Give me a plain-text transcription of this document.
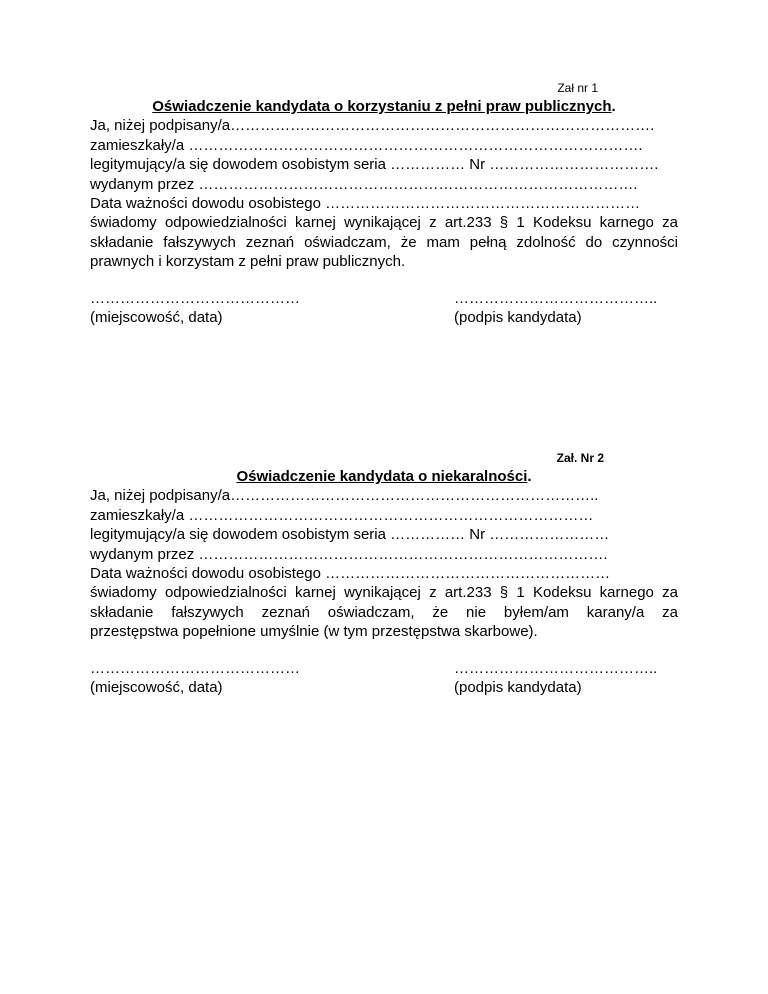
Zał nr 1
Oświadczenie kandydata o korzystaniu z pełni praw publicznych.
Ja, niżej podpisany/a………………………………………………………………………….
zamieszkały/a ……………………………………………………………………………….
legitymujący/a się dowodem osobistym seria …………… Nr …………………………….
wydanym przez …………………………………………………………………………….
Data ważności dowodu osobistego ………………………………………………………
świadomy odpowiedzialności karnej wynikającej z art.233 § 1 Kodeksu karnego za
składanie fałszywych zeznań oświadczam, że mam pełną zdolność do czynności
prawnych i korzystam z pełni praw publicznych.
……………………………………
(miejscowość, data)
…………………………………..
(podpis kandydata)
Zał. Nr 2
Oświadczenie kandydata o niekaralności.
Ja, niżej podpisany/a………………………………………………………………..
zamieszkały/a ………………………………………………………………………
legitymujący/a się dowodem osobistym seria …………… Nr ……………………
wydanym przez ……………………………………………………………………….
Data ważności dowodu osobistego …………………………………………………
świadomy odpowiedzialności karnej wynikającej z art.233 § 1 Kodeksu karnego za
składanie fałszywych zeznań oświadczam, że nie byłem/am karany/a za
przestępstwa popełnione umyślnie (w tym przestępstwa skarbowe).
……………………………………
(miejscowość, data)
…………………………………..
(podpis kandydata)
